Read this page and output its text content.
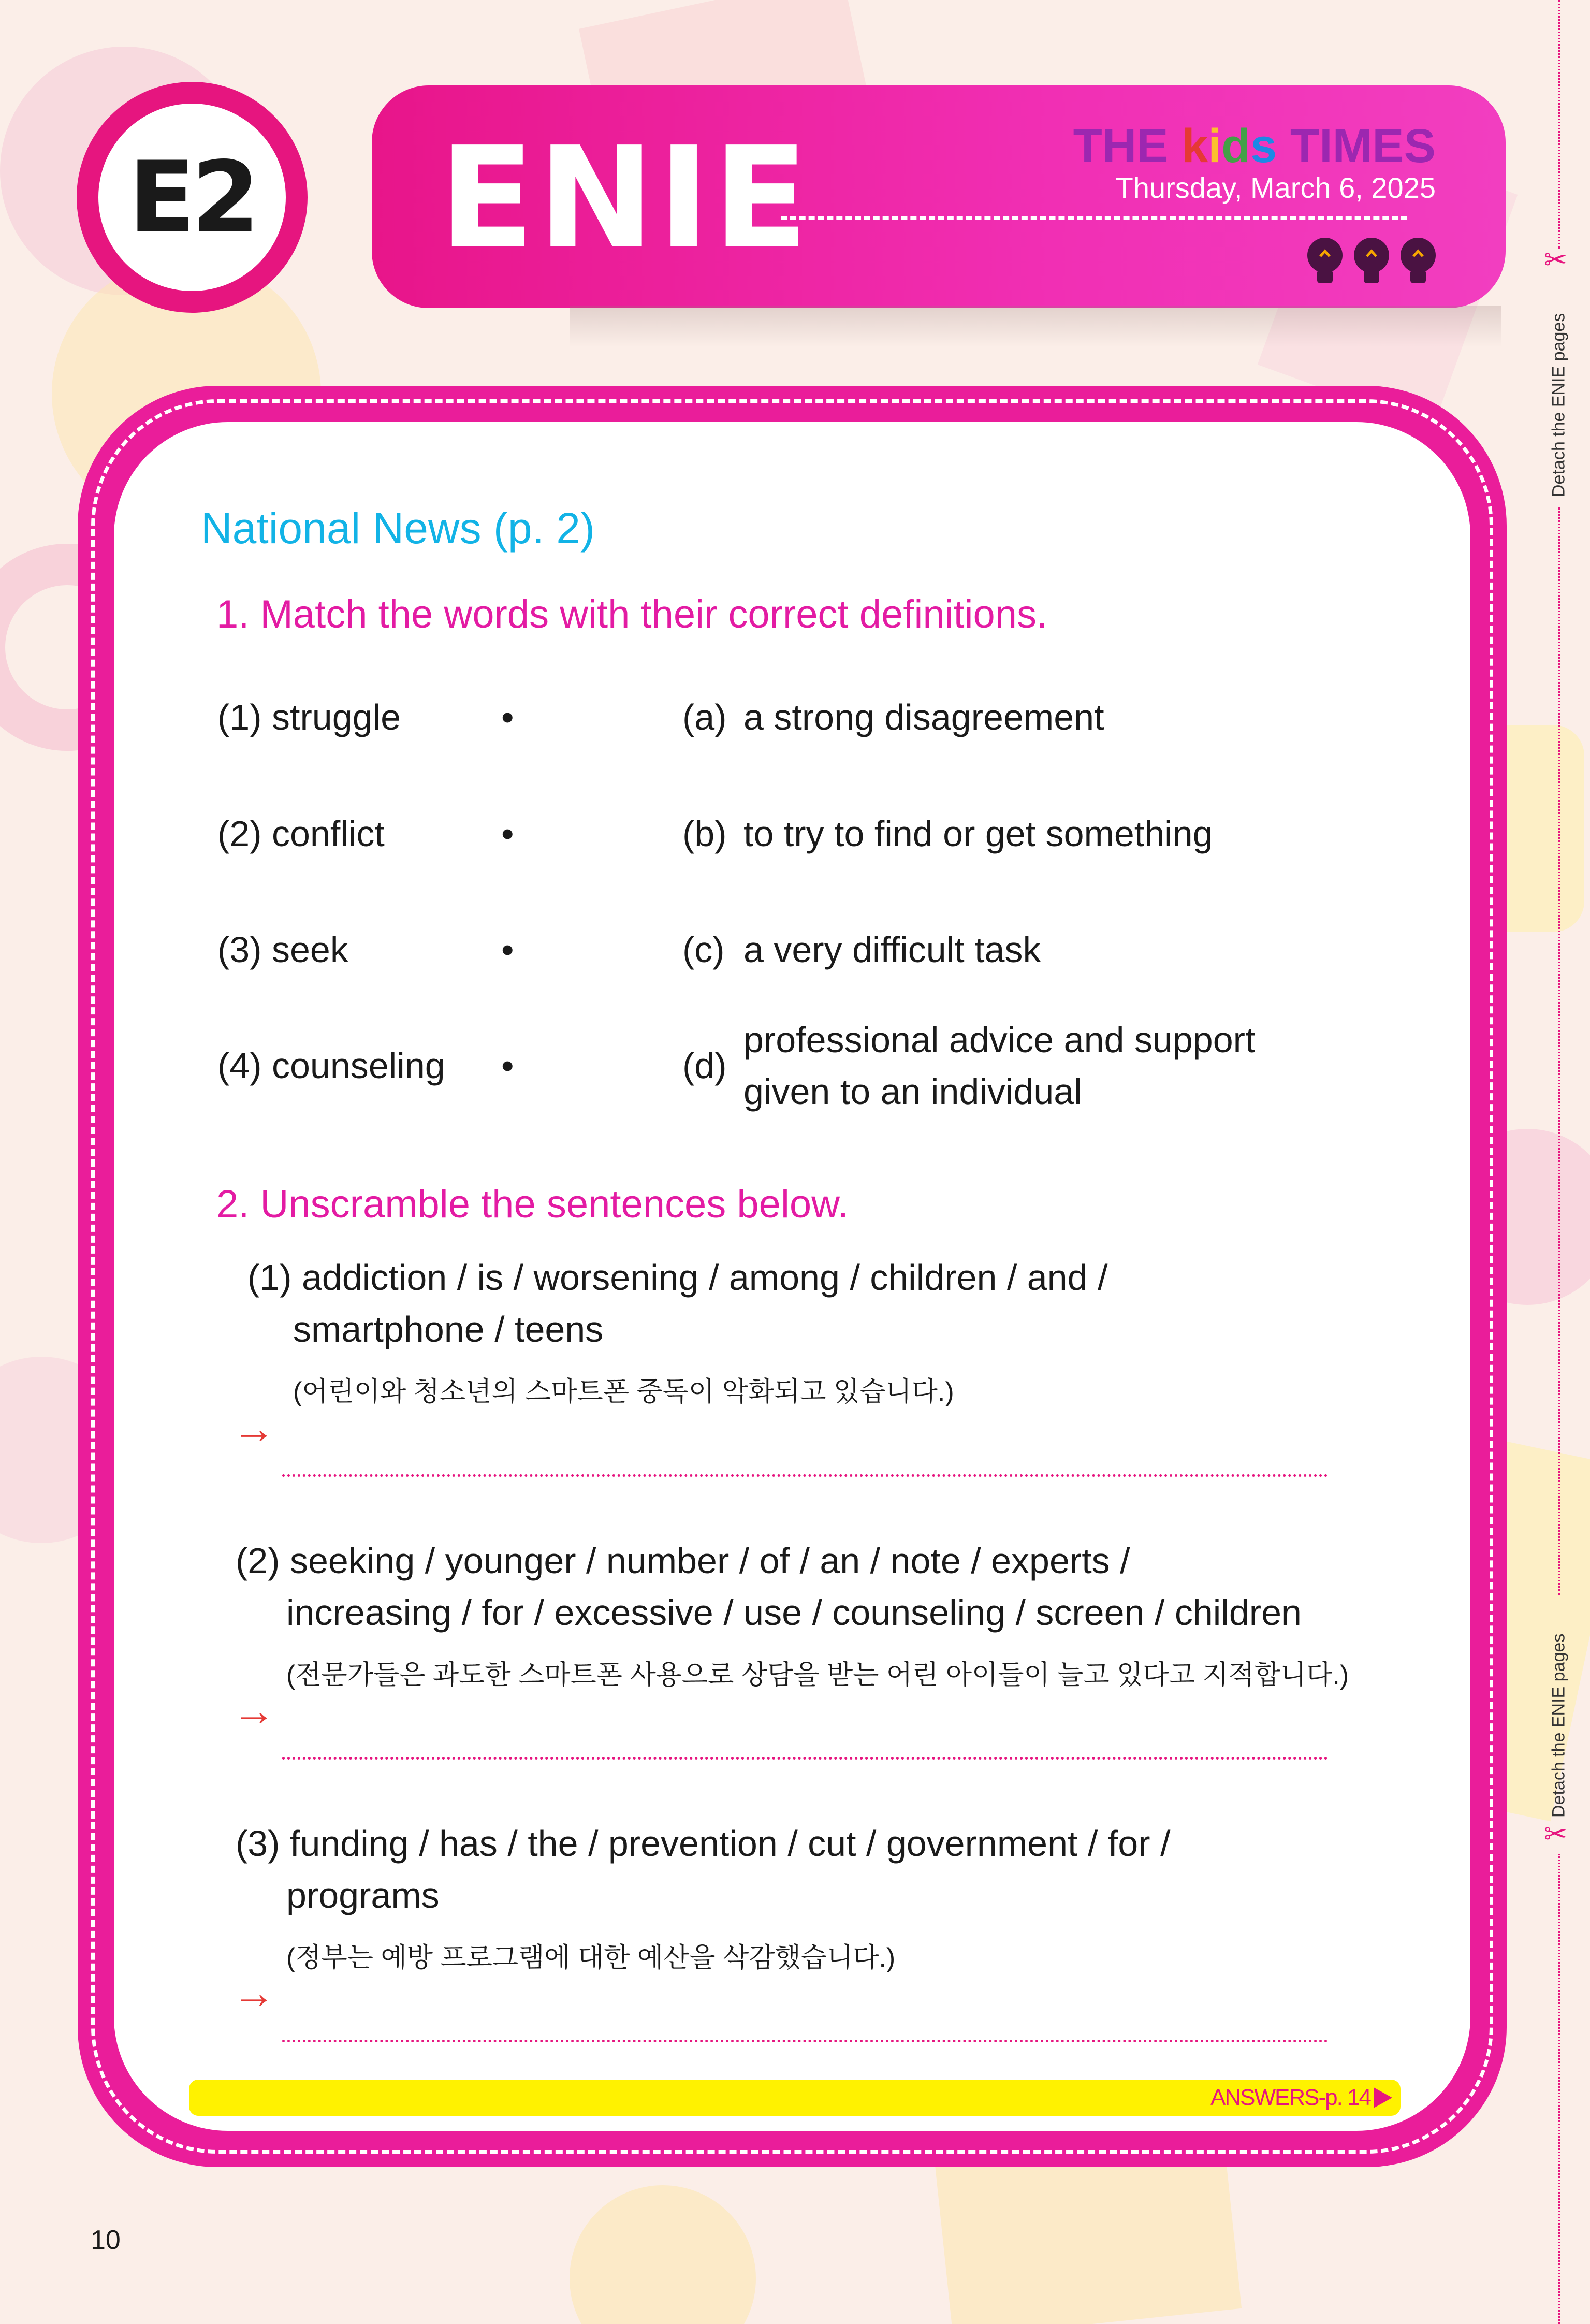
E2 ENIE	THE kids TIMES
Thursday, March 6, 2025
✂
Detach the ENIE pages
Detach the ENIE pages
✂
National News (p. 2)
1. Match the words with their correct definitions.
(1) struggle
(2) conflict
(3) seek
(4) counseling
•
•
•
•
(a) a strong disagreement
(b) to try to find or get something
(c) a very difficult task
(d)
professional advice and support
given to an individual
2. Unscramble the sentences below.
(1) addiction / is / worsening / among / children / and /
smartphone / teens
(어린이와 청소년의 스마트폰 중독이 악화되고 있습니다.)
→
(2) seeking / younger / number / of / an / note / experts /
increasing / for / excessive / use / counseling / screen / children
(전문가들은 과도한 스마트폰 사용으로 상담을 받는 어린 아이들이 늘고 있다고 지적합니다.)
→
(3) funding / has / the / prevention / cut / government / for /
programs
(정부는 예방 프로그램에 대한 예산을 삭감했습니다.)
→
ANSWERS-p. 14
10
